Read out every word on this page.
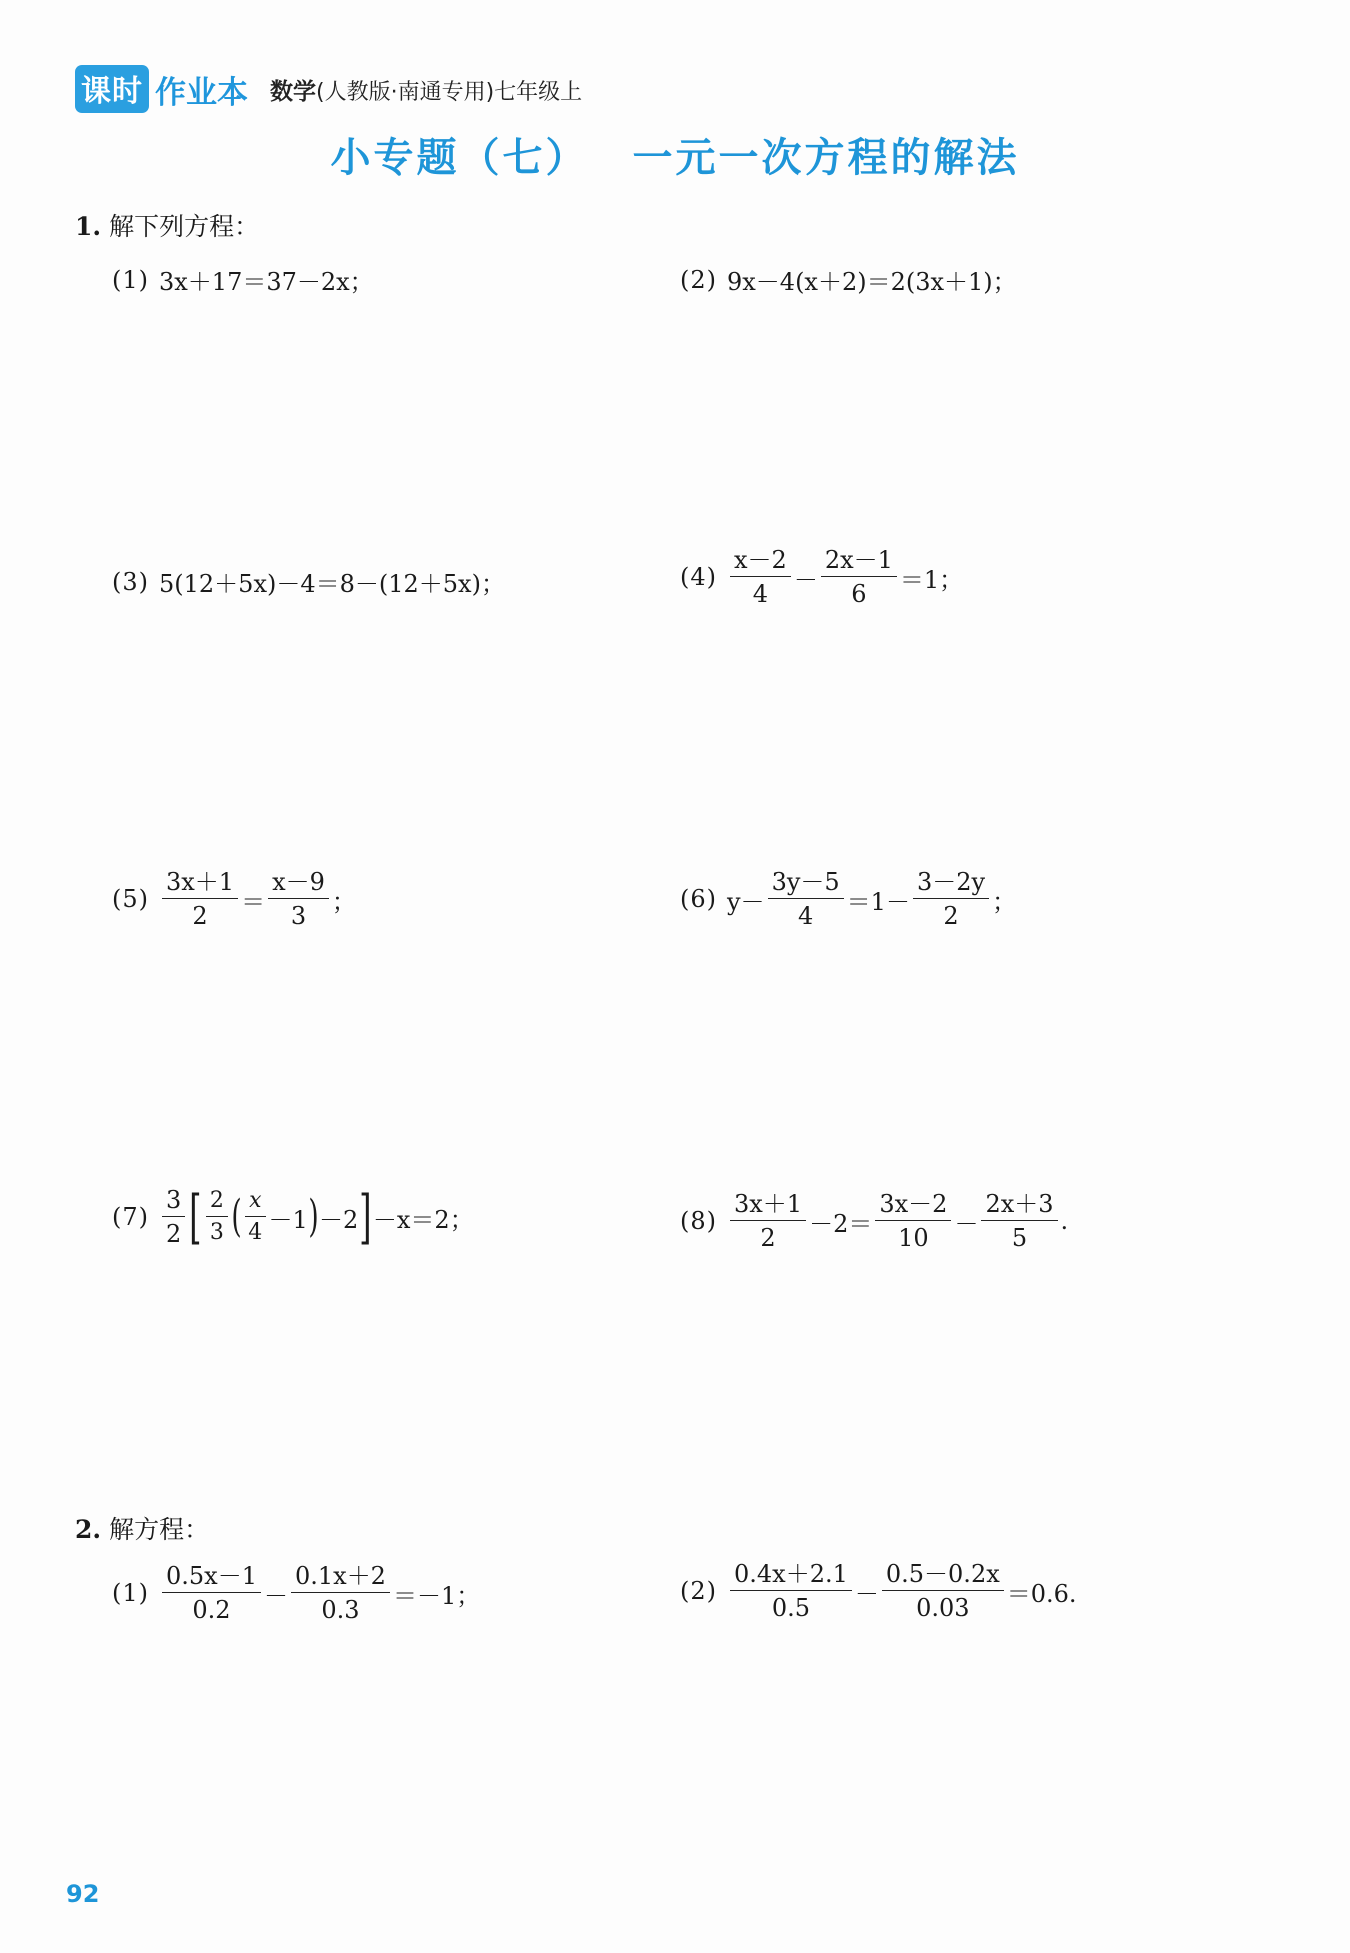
课时 作业本 数学(人教版·南通专用)七年级上
小专题（七） 一元一次方程的解法
1. 解下列方程：
(1) 3x＋17＝37－2x；	(2) 9x－4(x＋2)＝2(3x＋1)；
(3) 5(12＋5x)－4＝8－(12＋5x)；	$(4) \frac{x-2}{4} - \frac{2x-1}{6} =1$；
$(5) \frac{3x+1}{2} = \frac{x-9}{3}$ ；	(6) $y- \frac{3y-5}{4} =1- \frac{3-2y}{2}$ ；
$(7) \frac{3}{2}$ [ $\frac{2}{3}$ ( $\frac{x}{4} -1$ ) －2 ] －x＝2；	$(8) \frac{3x+1}{2} -2= \frac{3x-2}{10} - \frac{2x+3}{5}$ .
2. 解方程：
$(1) \frac{0.5x-1}{0.2} - \frac{0.1x+2}{0.3} =-1$；	$(2) \frac{0.4x+2.1}{0.5} - \frac{0.5-0.2x}{0.03} =0.6$.
92
